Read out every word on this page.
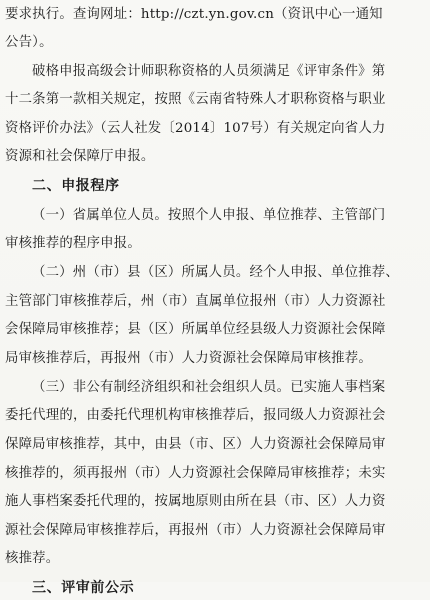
要求执行。查询网址：http://czt.yn.gov.cn（资讯中心一通知
公告）。
破格申报高级会计师职称资格的人员须满足《评审条件》第
十二条第一款相关规定，按照《云南省特殊人才职称资格与职业
资格评价办法》（云人社发〔2014〕107号）有关规定向省人力
资源和社会保障厅申报。
二、申报程序
（一）省属单位人员。按照个人申报、单位推荐、主管部门
审核推荐的程序申报。
（二）州（市）县（区）所属人员。经个人申报、单位推荐、
主管部门审核推荐后，州（市）直属单位报州（市）人力资源社
会保障局审核推荐；县（区）所属单位经县级人力资源社会保障
局审核推荐后，再报州（市）人力资源社会保障局审核推荐。
（三）非公有制经济组织和社会组织人员。已实施人事档案
委托代理的，由委托代理机构审核推荐后，报同级人力资源社会
保障局审核推荐，其中，由县（市、区）人力资源社会保障局审
核推荐的，须再报州（市）人力资源社会保障局审核推荐；未实
施人事档案委托代理的，按属地原则由所在县（市、区）人力资
源社会保障局审核推荐后，再报州（市）人力资源社会保障局审
核推荐。
三、评审前公示
